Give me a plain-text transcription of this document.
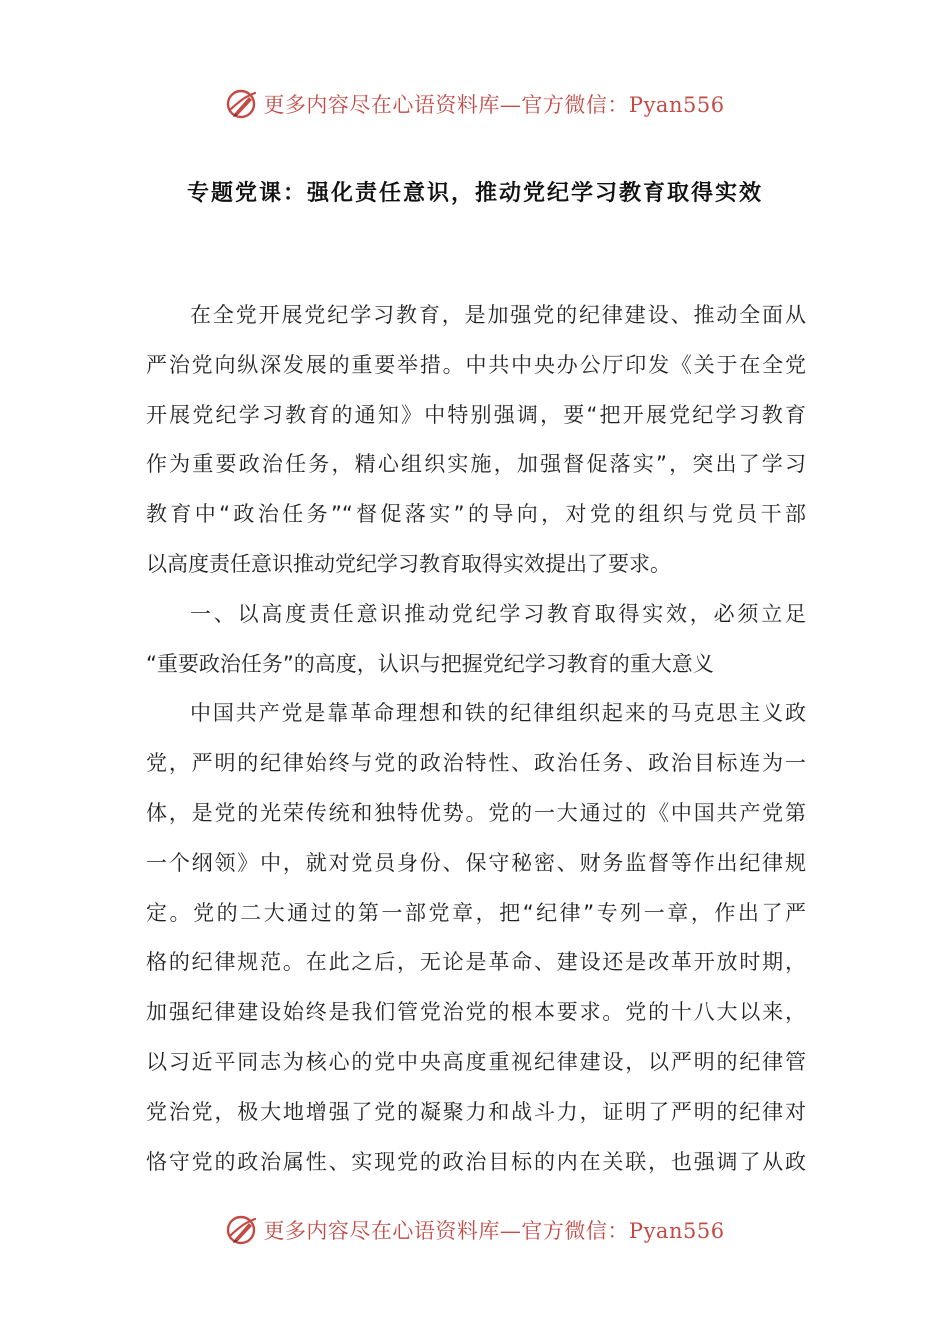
更多内容尽在心语资料库—官方微信：Pyan556
专题党课：强化责任意识，推动党纪学习教育取得实效
在全党开展党纪学习教育，是加强党的纪律建设、推动全面从
严治党向纵深发展的重要举措。中共中央办公厅印发《关于在全党
开展党纪学习教育的通知》中特别强调，要“把开展党纪学习教育
作为重要政治任务，精心组织实施，加强督促落实”，突出了学习
教育中“政治任务”“督促落实”的导向，对党的组织与党员干部
以高度责任意识推动党纪学习教育取得实效提出了要求。
一、以高度责任意识推动党纪学习教育取得实效，必须立足
“重要政治任务”的高度，认识与把握党纪学习教育的重大意义
中国共产党是靠革命理想和铁的纪律组织起来的马克思主义政
党，严明的纪律始终与党的政治特性、政治任务、政治目标连为一
体，是党的光荣传统和独特优势。党的一大通过的《中国共产党第
一个纲领》中，就对党员身份、保守秘密、财务监督等作出纪律规
定。党的二大通过的第一部党章，把“纪律”专列一章，作出了严
格的纪律规范。在此之后，无论是革命、建设还是改革开放时期，
加强纪律建设始终是我们管党治党的根本要求。党的十八大以来，
以习近平同志为核心的党中央高度重视纪律建设，以严明的纪律管
党治党，极大地增强了党的凝聚力和战斗力，证明了严明的纪律对
恪守党的政治属性、实现党的政治目标的内在关联，也强调了从政
更多内容尽在心语资料库—官方微信：Pyan556
